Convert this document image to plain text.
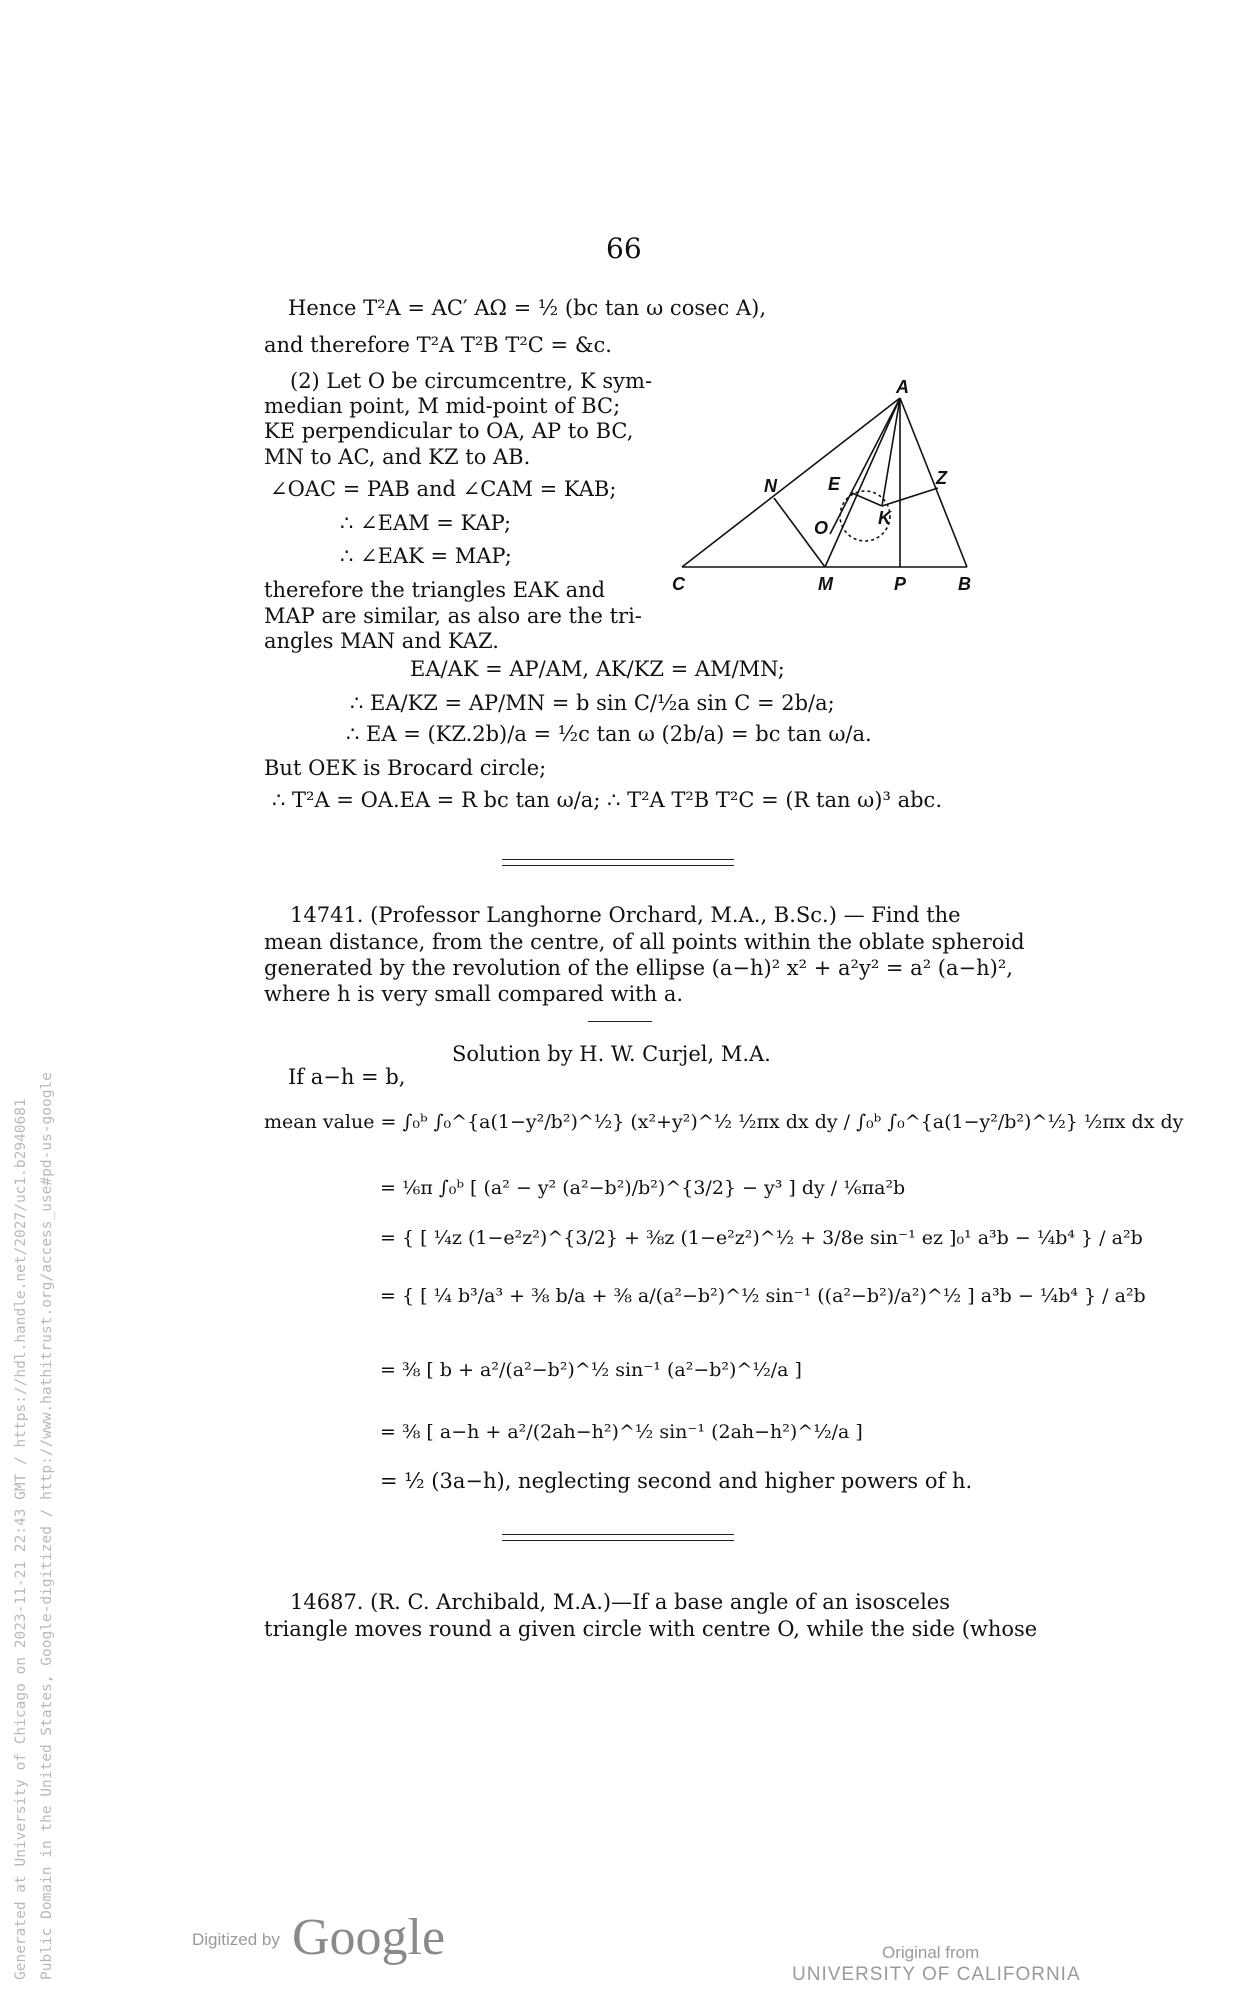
66
Hence T²A = AC′ AΩ = ½ (bc tan ω cosec A),
and therefore T²A T²B T²C = &c.
(2) Let O be circumcentre, K sym-
median point, M mid-point of BC;
KE perpendicular to OA, AP to BC,
MN to AC, and KZ to AB.
∠OAC = PAB and ∠CAM = KAB;
∴ ∠EAM = KAP;
∴ ∠EAK = MAP;
therefore the triangles EAK and
MAP are similar, as also are the tri-
angles MAN and KAZ.
EA/AK = AP/AM, AK/KZ = AM/MN;
∴ EA/KZ = AP/MN = b sin C/½a sin C = 2b/a;
∴ EA = (KZ.2b)/a = ½c tan ω (2b/a) = bc tan ω/a.
But OEK is Brocard circle;
∴ T²A = OA.EA = R bc tan ω/a; ∴ T²A T²B T²C = (R tan ω)³ abc.
14741. (Professor Langhorne Orchard, M.A., B.Sc.) — Find the
mean distance, from the centre, of all points within the oblate spheroid
generated by the revolution of the ellipse (a−h)² x² + a²y² = a² (a−h)²,
where h is very small compared with a.
Solution by H. W. Curjel, M.A.
If a−h = b,
mean value = ∫₀ᵇ ∫₀^{a(1−y²/b²)^½} (x²+y²)^½ ½πx dx dy / ∫₀ᵇ ∫₀^{a(1−y²/b²)^½} ½πx dx dy
= ⅙π ∫₀ᵇ [ (a² − y² (a²−b²)/b²)^{3/2} − y³ ] dy / ⅙πa²b
= { [ ¼z (1−e²z²)^{3/2} + ⅜z (1−e²z²)^½ + 3/8e sin⁻¹ ez ]₀¹ a³b − ¼b⁴ } / a²b
= { [ ¼ b³/a³ + ⅜ b/a + ⅜ a/(a²−b²)^½ sin⁻¹ ((a²−b²)/a²)^½ ] a³b − ¼b⁴ } / a²b
= ⅜ [ b + a²/(a²−b²)^½ sin⁻¹ (a²−b²)^½/a ]
= ⅜ [ a−h + a²/(2ah−h²)^½ sin⁻¹ (2ah−h²)^½/a ]
= ½ (3a−h), neglecting second and higher powers of h.
14687. (R. C. Archibald, M.A.)—If a base angle of an isosceles
triangle moves round a given circle with centre O, while the side (whose
A
N	E	Z
O	K
C	M	P	B
Generated at University of Chicago on 2023-11-21 22:43 GMT / https://hdl.handle.net/2027/uc1.b2940681 Public Domain in the United States, Google-digitized / http://www.hathitrust.org/access_use#pd-us-google	Digitized by Google	Original from
UNIVERSITY OF CALIFORNIA
